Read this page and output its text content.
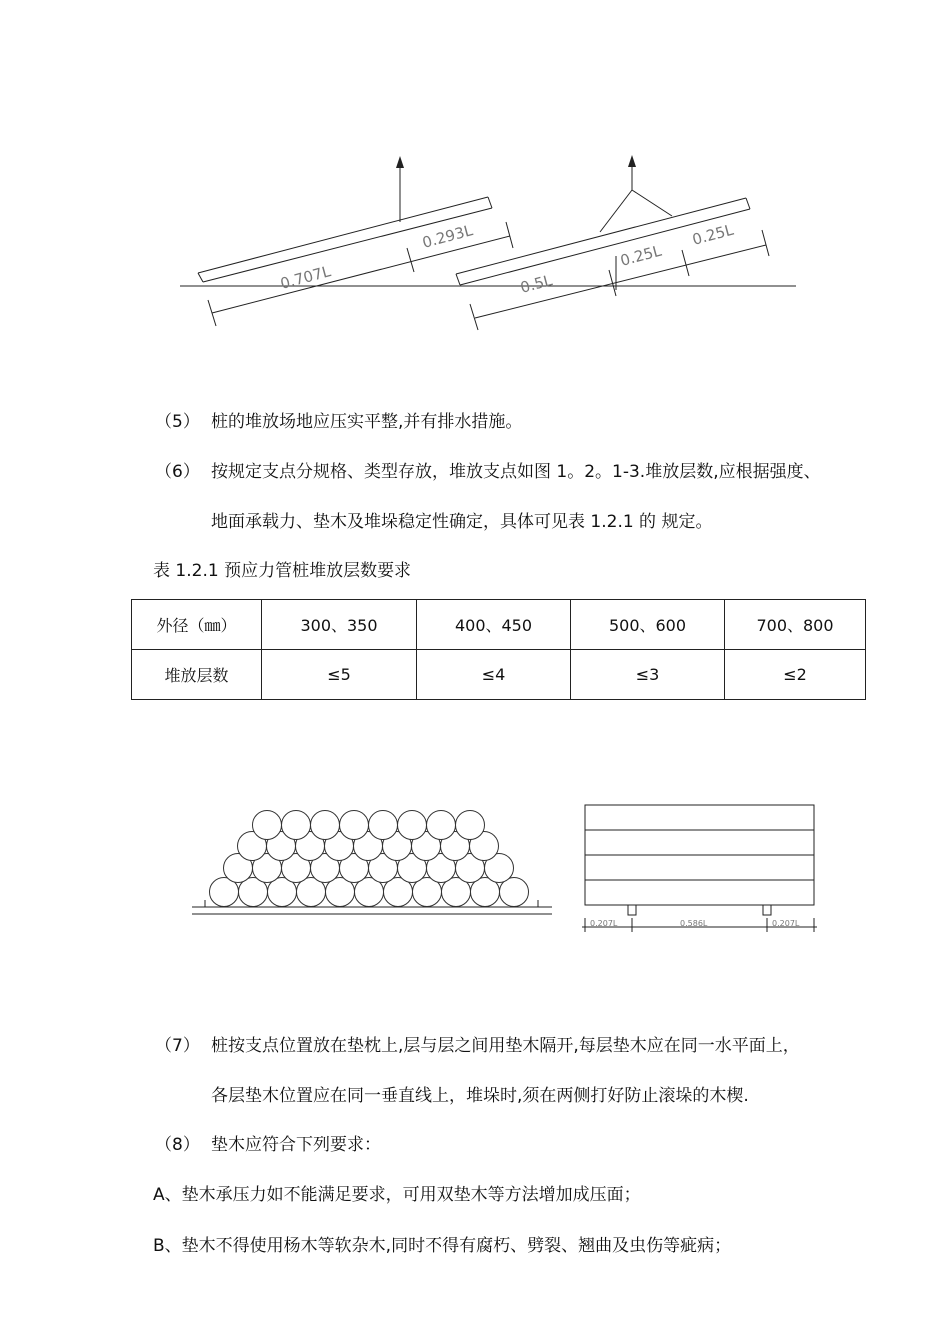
0.707L
0.293L
0.5L
0.25L
0.25L
（5） 桩的堆放场地应压实平整,并有排水措施。
（6） 按规定支点分规格、类型存放，堆放支点如图 1。2。1-3.堆放层数,应根据强度、
地面承载力、垫木及堆垛稳定性确定，具体可见表 1.2.1 的 规定。
表 1.2.1 预应力管桩堆放层数要求
外径（㎜）	300、350	400、450	500、600	700、800
堆放层数	≤5	≤4	≤3	≤2
0.207L	0.586L	0.207L
（7） 桩按支点位置放在垫枕上,层与层之间用垫木隔开,每层垫木应在同一水平面上，
各层垫木位置应在同一垂直线上，堆垛时,须在两侧打好防止滚垛的木楔.
（8） 垫木应符合下列要求：
A、垫木承压力如不能满足要求，可用双垫木等方法增加成压面；
B、垫木不得使用杨木等软杂木,同时不得有腐朽、劈裂、翘曲及虫伤等疵病；
